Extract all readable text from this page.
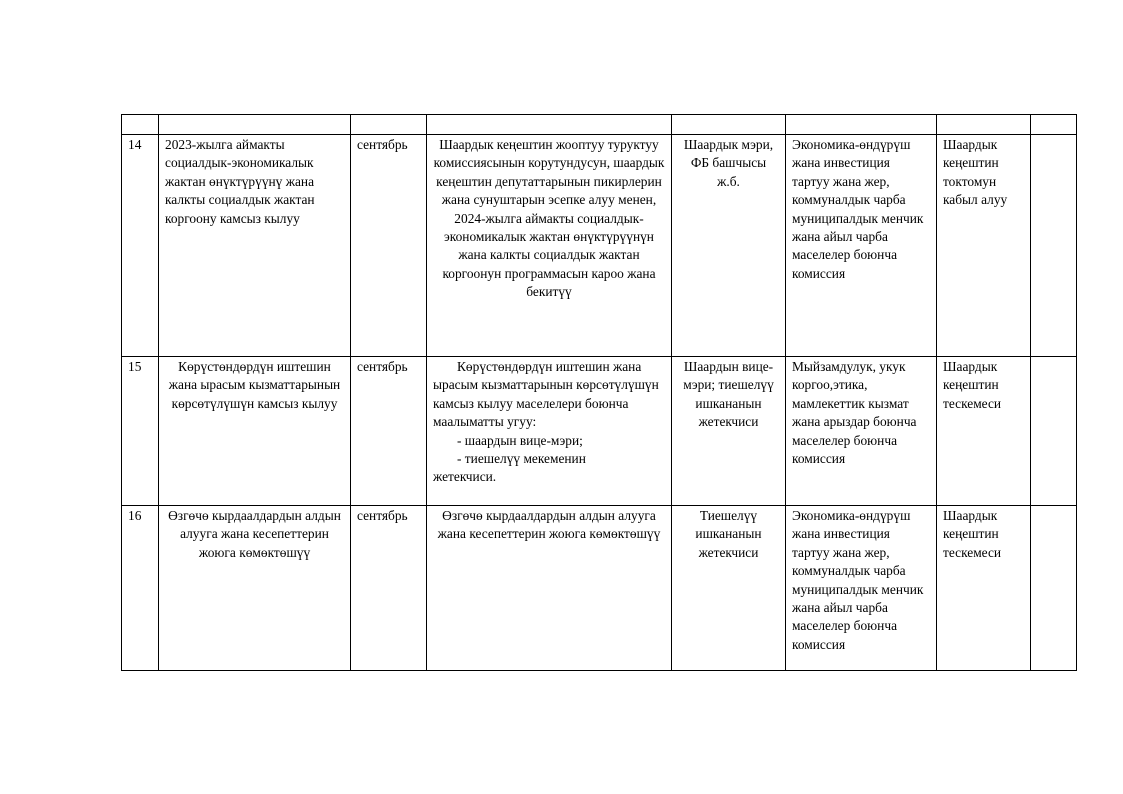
14	2023-жылга аймакты социалдык-экономикалык жактан өнүктүрүүнү жана калкты социалдык жактан коргоону камсыз кылуу	сентябрь	Шаардык кеңештин жооптуу туруктуу комиссиясынын корутундусун, шаардык кеңештин депутаттарынын пикирлерин жана сунуштарын эсепке алуу менен, 2024-жылга аймакты социалдык-экономикалык жактан өнүктүрүүнүн жана калкты социалдык жактан коргоонун программасын кароо жана бекитүү	Шаардык мэри, ФБ башчысы ж.б.	Экономика-өндүрүш жана инвестиция тартуу жана жер, коммуналдык чарба муниципалдык менчик жана айыл чарба маселелер боюнча комиссия	Шаардык кеңештин токтомун кабыл алуу	
15	Көрүстөндөрдүн иштешин жана ырасым кызматтарынын көрсөтүлүшүн камсыз кылуу	сентябрь	Көрүстөндөрдүн иштешин жана ырасым кызматтарынын көрсөтүлүшүн камсыз кылуу маселелери боюнча маалыматты угуу:
- шаардын вице-мэри;
- тиешелүү мекеменин
жетекчиси.	Шаардын вице-мэри; тиешелүү ишкананын жетекчиси	Мыйзамдулук, укук коргоо,этика, мамлекеттик кызмат жана арыздар боюнча маселелер боюнча комиссия	Шаардык кеңештин тескемеси	
16	Өзгөчө кырдаалдардын алдын алууга жана кесепеттерин жоюга көмөктөшүү	сентябрь	Өзгөчө кырдаалдардын алдын алууга жана кесепеттерин жоюга көмөктөшүү	Тиешелүү ишкананын жетекчиси	Экономика-өндүрүш жана инвестиция тартуу жана жер, коммуналдык чарба муниципалдык менчик жана айыл чарба маселелер боюнча комиссия	Шаардык кеңештин тескемеси	
